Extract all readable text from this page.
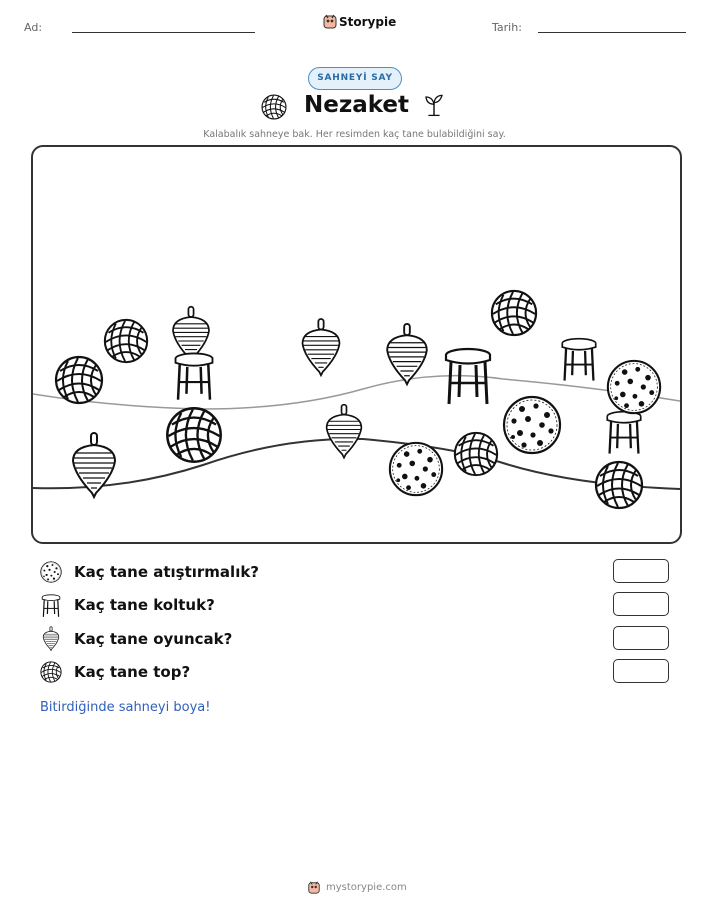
Ad:	Storypie	Tarih:
SAHNEYİ SAY
Nezaket
Kalabalık sahneye bak. Her resimden kaç tane bulabildiğini say.
Kaç tane atıştırmalık?
Kaç tane koltuk?
Kaç tane oyuncak?
Kaç tane top?
Bitirdiğinde sahneyi boya!
mystorypie.com
